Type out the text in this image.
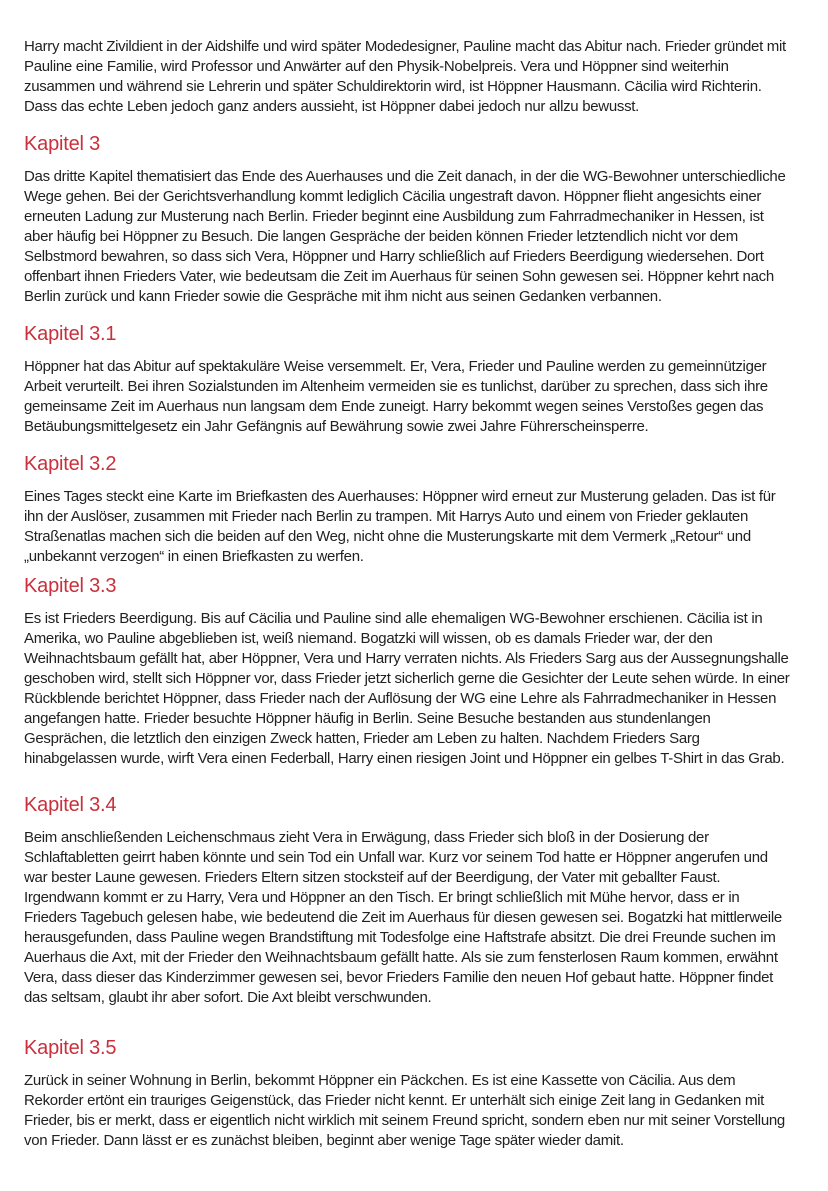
Harry macht Zivildient in der Aidshilfe und wird später Modedesigner, Pauline macht das Abitur nach. Frieder gründet mit Pauline eine Familie, wird Professor und Anwärter auf den Physik-Nobelpreis. Vera und Höppner sind weiterhin zusammen und während sie Lehrerin und später Schuldirektorin wird, ist Höppner Hausmann. Cäcilia wird Richterin. Dass das echte Leben jedoch ganz anders aussieht, ist Höppner dabei jedoch nur allzu bewusst.

Kapitel 3

Das dritte Kapitel thematisiert das Ende des Auerhauses und die Zeit danach, in der die WG-Bewohner unterschiedliche Wege gehen. Bei der Gerichtsverhandlung kommt lediglich Cäcilia ungestraft davon. Höppner flieht angesichts einer erneuten Ladung zur Musterung nach Berlin. Frieder beginnt eine Ausbildung zum Fahrradmechaniker in Hessen, ist aber häufig bei Höppner zu Besuch. Die langen Gespräche der beiden können Frieder letztendlich nicht vor dem Selbstmord bewahren, so dass sich Vera, Höppner und Harry schließlich auf Frieders Beerdigung wiedersehen. Dort offenbart ihnen Frieders Vater, wie bedeutsam die Zeit im Auerhaus für seinen Sohn gewesen sei. Höppner kehrt nach Berlin zurück und kann Frieder sowie die Gespräche mit ihm nicht aus seinen Gedanken verbannen.

Kapitel 3.1

Höppner hat das Abitur auf spektakuläre Weise versemmelt. Er, Vera, Frieder und Pauline werden zu gemeinnütziger Arbeit verurteilt. Bei ihren Sozialstunden im Altenheim vermeiden sie es tunlichst, darüber zu sprechen, dass sich ihre gemeinsame Zeit im Auerhaus nun langsam dem Ende zuneigt. Harry bekommt wegen seines Verstoßes gegen das Betäubungsmittelgesetz ein Jahr Gefängnis auf Bewährung sowie zwei Jahre Führerscheinsperre.

Kapitel 3.2

Eines Tages steckt eine Karte im Briefkasten des Auerhauses: Höppner wird erneut zur Musterung geladen. Das ist für ihn der Auslöser, zusammen mit Frieder nach Berlin zu trampen. Mit Harrys Auto und einem von Frieder geklauten Straßenatlas machen sich die beiden auf den Weg, nicht ohne die Musterungskarte mit dem Vermerk „Retour“ und „unbekannt verzogen“ in einen Briefkasten zu werfen.

Kapitel 3.3

Es ist Frieders Beerdigung. Bis auf Cäcilia und Pauline sind alle ehemaligen WG-Bewohner erschienen. Cäcilia ist in Amerika, wo Pauline abgeblieben ist, weiß niemand. Bogatzki will wissen, ob es damals Frieder war, der den Weihnachtsbaum gefällt hat, aber Höppner, Vera und Harry verraten nichts. Als Frieders Sarg aus der Aussegnungshalle geschoben wird, stellt sich Höppner vor, dass Frieder jetzt sicherlich gerne die Gesichter der Leute sehen würde. In einer Rückblende berichtet Höppner, dass Frieder nach der Auflösung der WG eine Lehre als Fahrradmechaniker in Hessen angefangen hatte. Frieder besuchte Höppner häufig in Berlin. Seine Besuche bestanden aus stundenlangen Gesprächen, die letztlich den einzigen Zweck hatten, Frieder am Leben zu halten. Nachdem Frieders Sarg hinabgelassen wurde, wirft Vera einen Federball, Harry einen riesigen Joint und Höppner ein gelbes T-Shirt in das Grab.

Kapitel 3.4

Beim anschließenden Leichenschmaus zieht Vera in Erwägung, dass Frieder sich bloß in der Dosierung der Schlaftabletten geirrt haben könnte und sein Tod ein Unfall war. Kurz vor seinem Tod hatte er Höppner angerufen und war bester Laune gewesen. Frieders Eltern sitzen stocksteif auf der Beerdigung, der Vater mit geballter Faust. Irgendwann kommt er zu Harry, Vera und Höppner an den Tisch. Er bringt schließlich mit Mühe hervor, dass er in Frieders Tagebuch gelesen habe, wie bedeutend die Zeit im Auerhaus für diesen gewesen sei. Bogatzki hat mittlerweile herausgefunden, dass Pauline wegen Brandstiftung mit Todesfolge eine Haftstrafe absitzt. Die drei Freunde suchen im Auerhaus die Axt, mit der Frieder den Weihnachtsbaum gefällt hatte. Als sie zum fensterlosen Raum kommen, erwähnt Vera, dass dieser das Kinderzimmer gewesen sei, bevor Frieders Familie den neuen Hof gebaut hatte. Höppner findet das seltsam, glaubt ihr aber sofort. Die Axt bleibt verschwunden.

Kapitel 3.5

Zurück in seiner Wohnung in Berlin, bekommt Höppner ein Päckchen. Es ist eine Kassette von Cäcilia. Aus dem Rekorder ertönt ein trauriges Geigenstück, das Frieder nicht kennt. Er unterhält sich einige Zeit lang in Gedanken mit Frieder, bis er merkt, dass er eigentlich nicht wirklich mit seinem Freund spricht, sondern eben nur mit seiner Vorstellung von Frieder. Dann lässt er es zunächst bleiben, beginnt aber wenige Tage später wieder damit.
